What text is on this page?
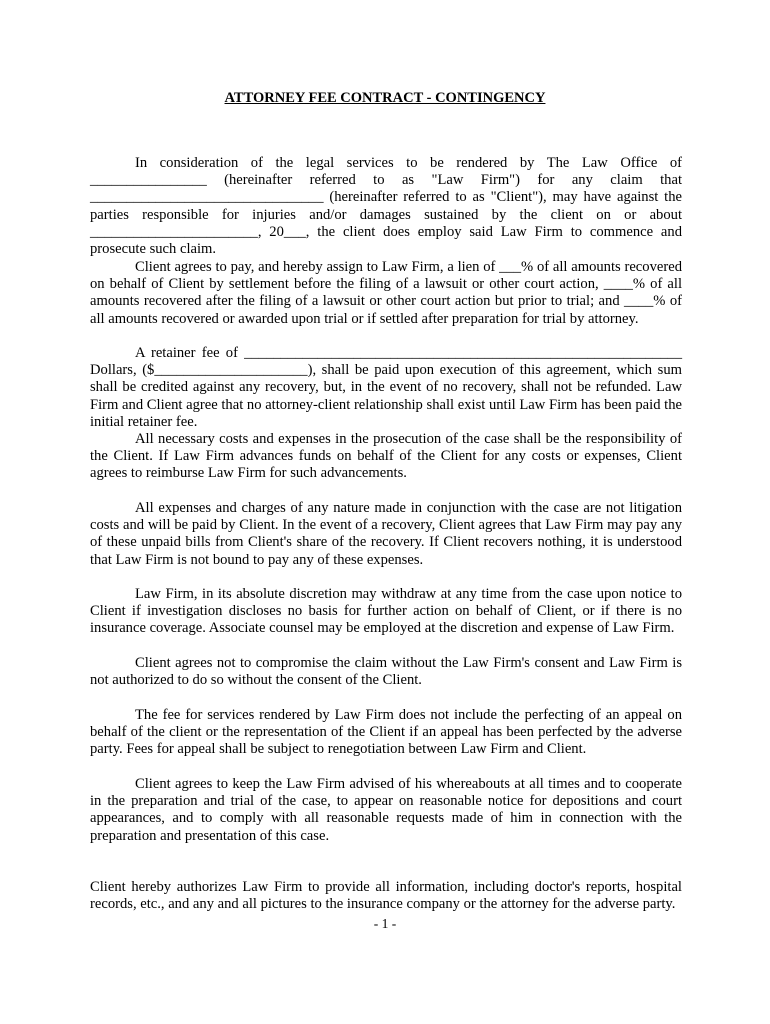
ATTORNEY FEE CONTRACT - CONTINGENCY

In consideration of the legal services to be rendered by The Law Office of ________________ (hereinafter referred to as "Law Firm") for any claim that ________________________________ (hereinafter referred to as "Client"), may have against the parties responsible for injuries and/or damages sustained by the client on or about _______________________, 20___, the client does employ said Law Firm to commence and prosecute such claim.

Client agrees to pay, and hereby assign to Law Firm, a lien of ___% of all amounts recovered on behalf of Client by settlement before the filing of a lawsuit or other court action, ____% of all amounts recovered after the filing of a lawsuit or other court action but prior to trial; and ____% of all amounts recovered or awarded upon trial or if settled after preparation for trial by attorney.

A retainer fee of ____________________________________________________________ Dollars, ($_____________________), shall be paid upon execution of this agreement, which sum shall be credited against any recovery, but, in the event of no recovery, shall not be refunded. Law Firm and Client agree that no attorney-client relationship shall exist until Law Firm has been paid the initial retainer fee.

All necessary costs and expenses in the prosecution of the case shall be the responsibility of the Client. If Law Firm advances funds on behalf of the Client for any costs or expenses, Client agrees to reimburse Law Firm for such advancements.

All expenses and charges of any nature made in conjunction with the case are not litigation costs and will be paid by Client. In the event of a recovery, Client agrees that Law Firm may pay any of these unpaid bills from Client's share of the recovery. If Client recovers nothing, it is understood that Law Firm is not bound to pay any of these expenses.

Law Firm, in its absolute discretion may withdraw at any time from the case upon notice to Client if investigation discloses no basis for further action on behalf of Client, or if there is no insurance coverage. Associate counsel may be employed at the discretion and expense of Law Firm.

Client agrees not to compromise the claim without the Law Firm's consent and Law Firm is not authorized to do so without the consent of the Client.

The fee for services rendered by Law Firm does not include the perfecting of an appeal on behalf of the client or the representation of the Client if an appeal has been perfected by the adverse party. Fees for appeal shall be subject to renegotiation between Law Firm and Client.

Client agrees to keep the Law Firm advised of his whereabouts at all times and to cooperate in the preparation and trial of the case, to appear on reasonable notice for depositions and court appearances, and to comply with all reasonable requests made of him in connection with the preparation and presentation of this case.

Client hereby authorizes Law Firm to provide all information, including doctor's reports, hospital records, etc., and any and all pictures to the insurance company or the attorney for the adverse party.

- 1 -
